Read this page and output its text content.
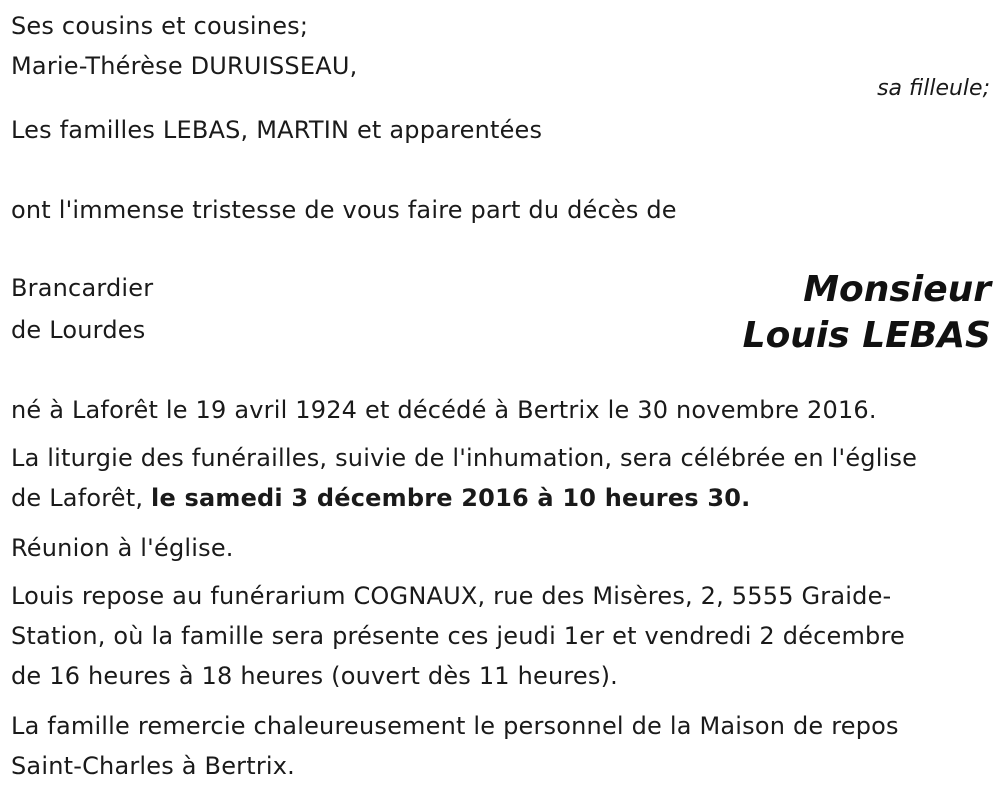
Ses cousins et cousines;
Marie-Thérèse DURUISSEAU,
sa filleule;
Les familles LEBAS, MARTIN et apparentées
ont l'immense tristesse de vous faire part du décès de
Brancardier
de Lourdes
Monsieur
Louis LEBAS
né à Laforêt le 19 avril 1924 et décédé à Bertrix le 30 novembre 2016.
La liturgie des funérailles, suivie de l'inhumation, sera célébrée en l'église
de Laforêt, le samedi 3 décembre 2016 à 10 heures 30.
Réunion à l'église.
Louis repose au funérarium COGNAUX, rue des Misères, 2, 5555 Graide-
Station, où la famille sera présente ces jeudi 1er et vendredi 2 décembre
de 16 heures à 18 heures (ouvert dès 11 heures).
La famille remercie chaleureusement le personnel de la Maison de repos
Saint-Charles à Bertrix.
